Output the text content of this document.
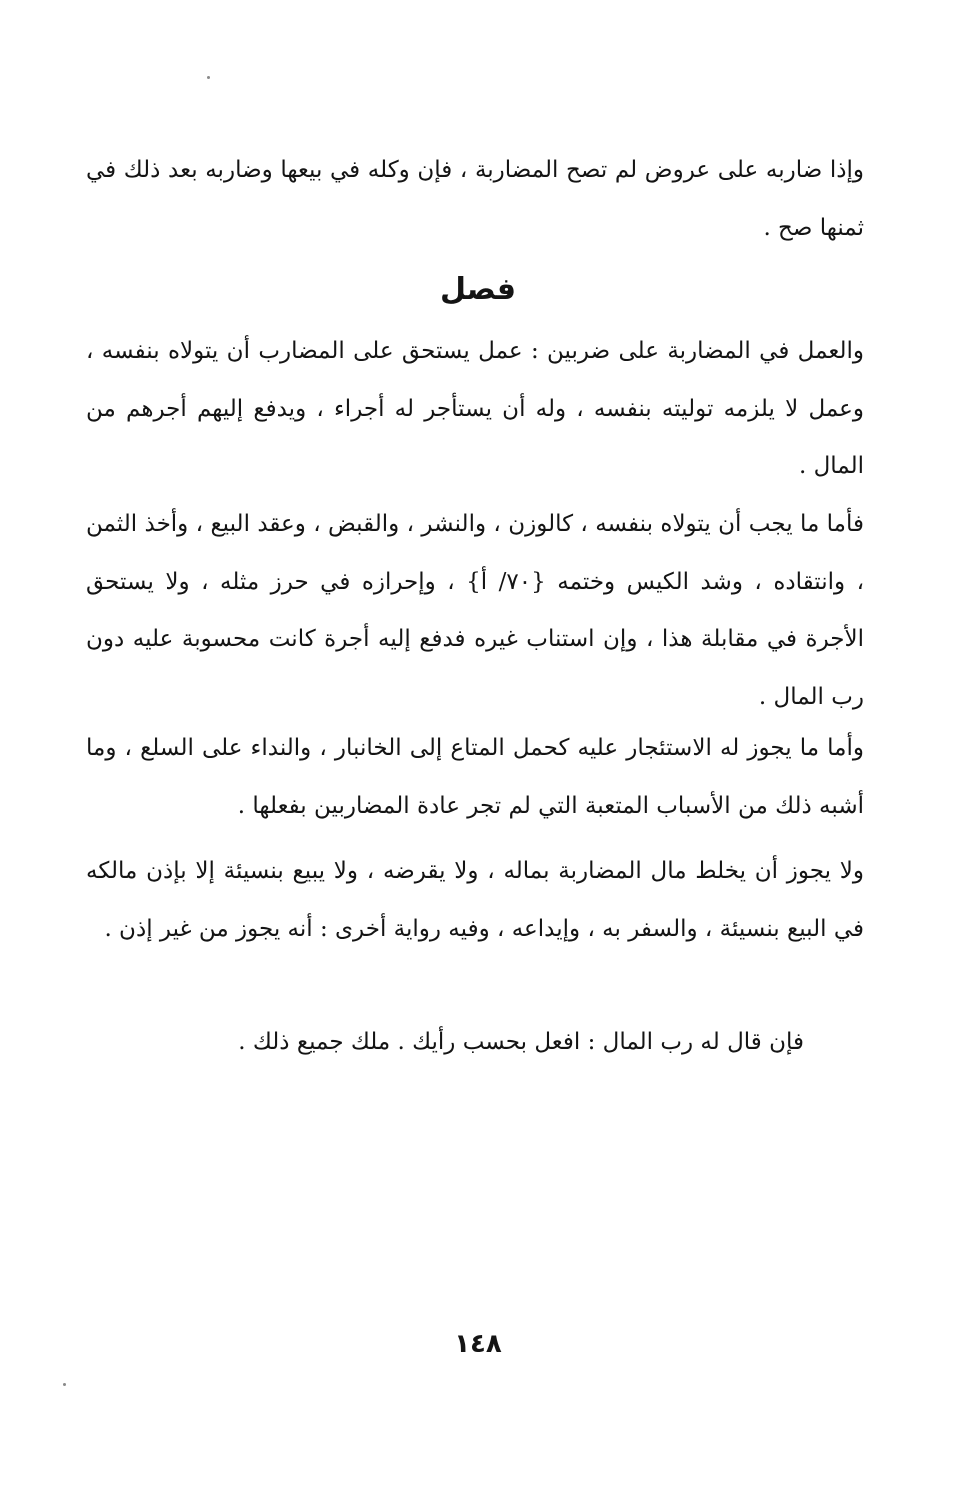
وإذا ضاربه على عروض لم تصح المضاربة ، فإن وكله في بيعها وضاربه بعد ذلك في ثمنها صح .

فصل

والعمل في المضاربة على ضربين : عمل يستحق على المضارب أن يتولاه بنفسه ، وعمل لا يلزمه توليته بنفسه ، وله أن يستأجر له أجراء ، ويدفع إليهم أجرهم من المال .

فأما ما يجب أن يتولاه بنفسه ، كالوزن ، والنشر ، والقبض ، وعقد البيع ، وأخذ الثمن ، وانتقاده ، وشد الكيس وختمه {٧٠/ أ} ، وإحرازه في حرز مثله ، ولا يستحق الأجرة في مقابلة هذا ، وإن استناب غيره فدفع إليه أجرة كانت محسوبة عليه دون رب المال .

وأما ما يجوز له الاستئجار عليه كحمل المتاع إلى الخانبار ، والنداء على السلع ، وما أشبه ذلك من الأسباب المتعبة التي لم تجر عادة المضاربين بفعلها .

ولا يجوز أن يخلط مال المضاربة بماله ، ولا يقرضه ، ولا يبيع بنسيئة إلا بإذن مالكه في البيع بنسيئة ، والسفر به ، وإيداعه ، وفيه رواية أخرى : أنه يجوز من غير إذن .

فإن قال له رب المال : افعل بحسب رأيك . ملك جميع ذلك .

١٤٨
